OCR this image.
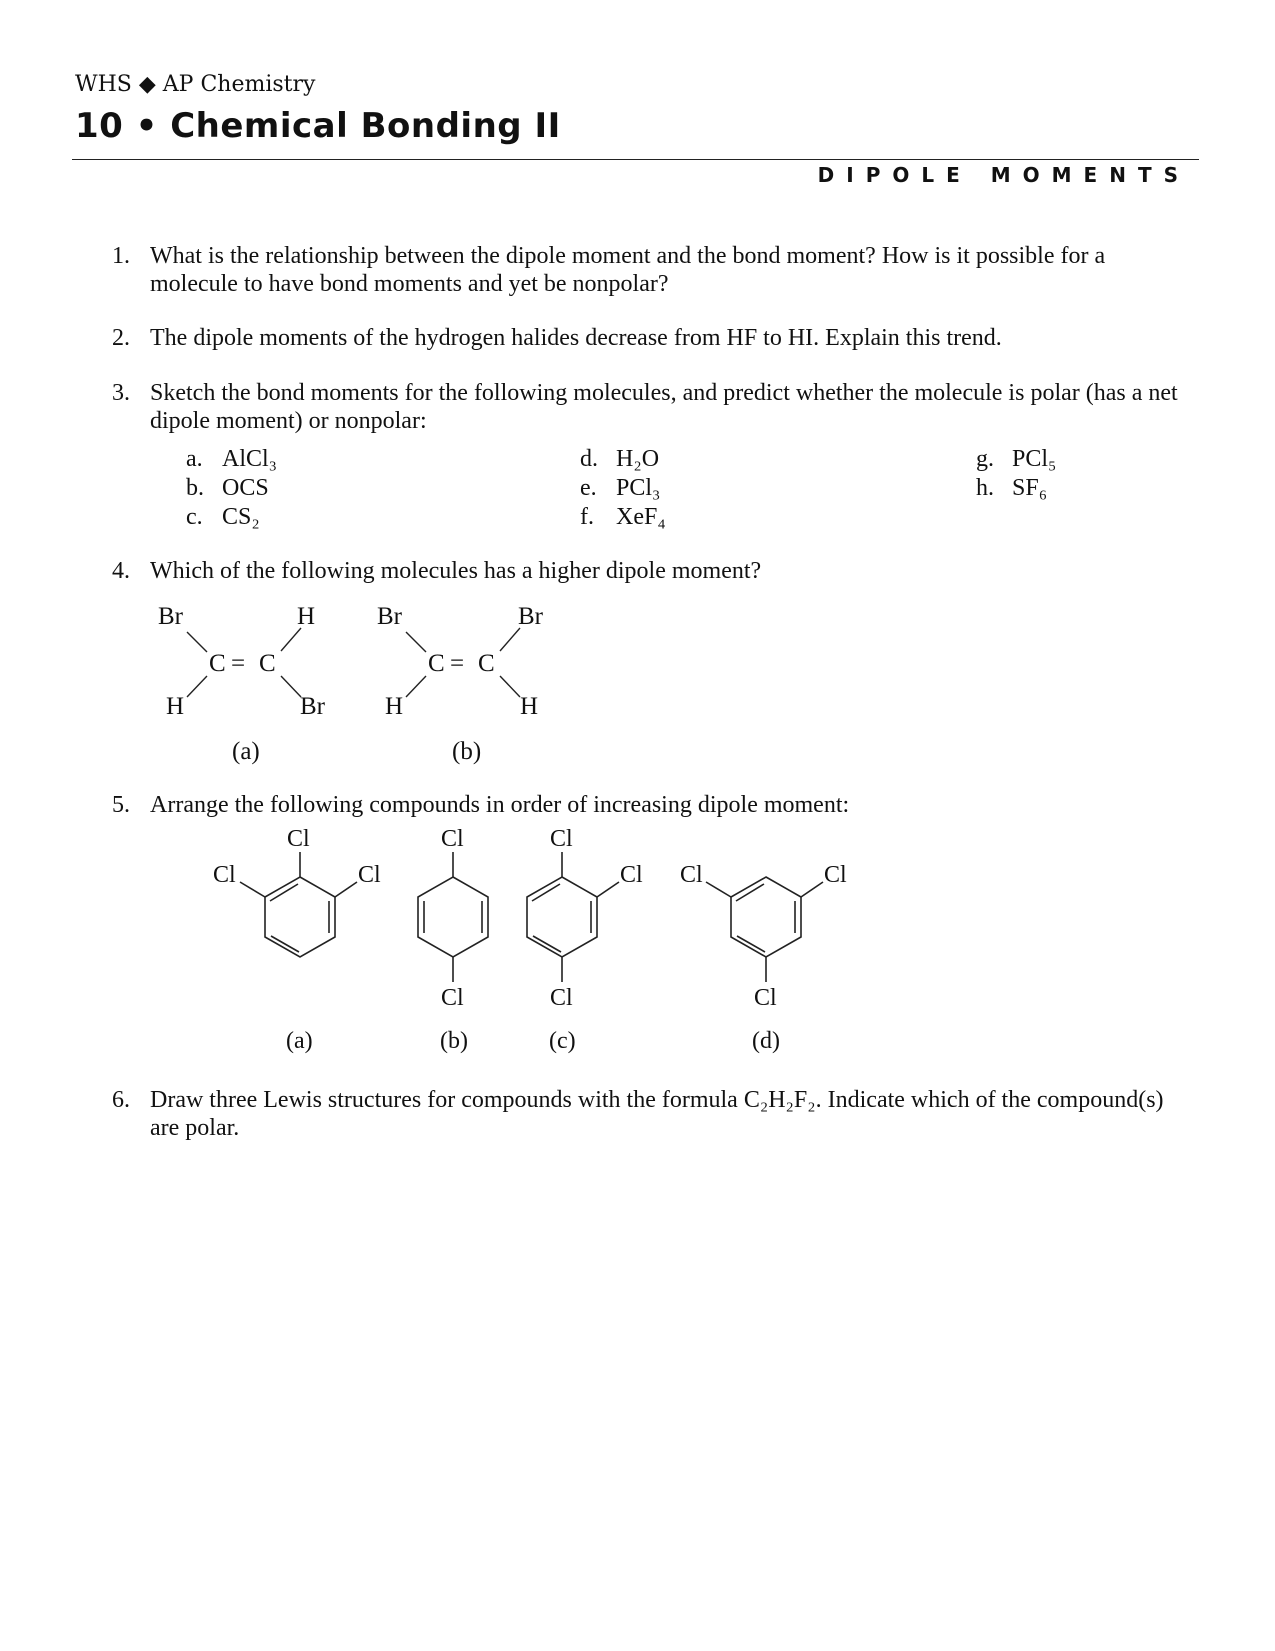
WHS ◆ AP Chemistry
10 • Chemical Bonding II
DIPOLE MOMENTS
1. What is the relationship between the dipole moment and the bond moment? How is it possible for a molecule to have bond moments and yet be nonpolar?
2. The dipole moments of the hydrogen halides decrease from HF to HI. Explain this trend.
3. Sketch the bond moments for the following molecules, and predict whether the molecule is polar (has a net dipole moment) or nonpolar:
a. AlCl₃
b. OCS
c. CS₂
d. H₂O
e. PCl₃
f. XeF₄
g. PCl₅
h. SF₆
4. Which of the following molecules has a higher dipole moment?
Br	H
C = C
H	Br
Br	Br
C = C
H	H
(a)	(b)
5. Arrange the following compounds in order of increasing dipole moment:
Cl
Cl	Cl
Cl
Cl
Cl
Cl
Cl
Cl	Cl
Cl
(a)	(b)	(c)	(d)
6. Draw three Lewis structures for compounds with the formula C₂H₂F₂. Indicate which of the compound(s) are polar.
